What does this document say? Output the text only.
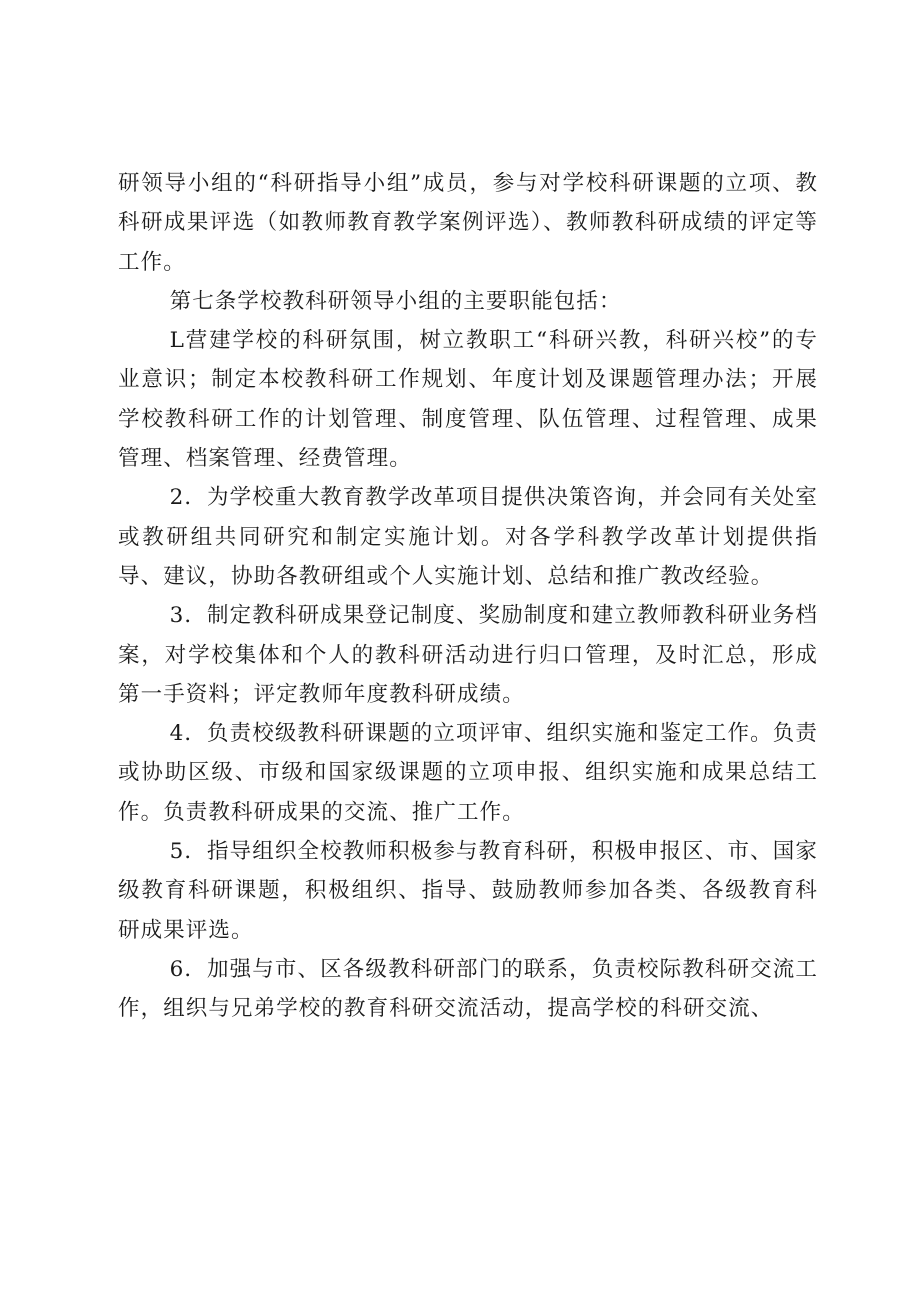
研领导小组的“科研指导小组”成员，参与对学校科研课题的立项、教科研成果评选（如教师教育教学案例评选）、教师教科研成绩的评定等工作。

第七条学校教科研领导小组的主要职能包括：

L营建学校的科研氛围，树立教职工“科研兴教，科研兴校”的专业意识；制定本校教科研工作规划、年度计划及课题管理办法；开展学校教科研工作的计划管理、制度管理、队伍管理、过程管理、成果管理、档案管理、经费管理。

2．为学校重大教育教学改革项目提供决策咨询，并会同有关处室或教研组共同研究和制定实施计划。对各学科教学改革计划提供指导、建议，协助各教研组或个人实施计划、总结和推广教改经验。

3．制定教科研成果登记制度、奖励制度和建立教师教科研业务档案，对学校集体和个人的教科研活动进行归口管理，及时汇总，形成第一手资料；评定教师年度教科研成绩。

4．负责校级教科研课题的立项评审、组织实施和鉴定工作。负责或协助区级、市级和国家级课题的立项申报、组织实施和成果总结工作。负责教科研成果的交流、推广工作。

5．指导组织全校教师积极参与教育科研，积极申报区、市、国家级教育科研课题，积极组织、指导、鼓励教师参加各类、各级教育科研成果评选。

6．加强与市、区各级教科研部门的联系，负责校际教科研交流工作，组织与兄弟学校的教育科研交流活动，提高学校的科研交流、
